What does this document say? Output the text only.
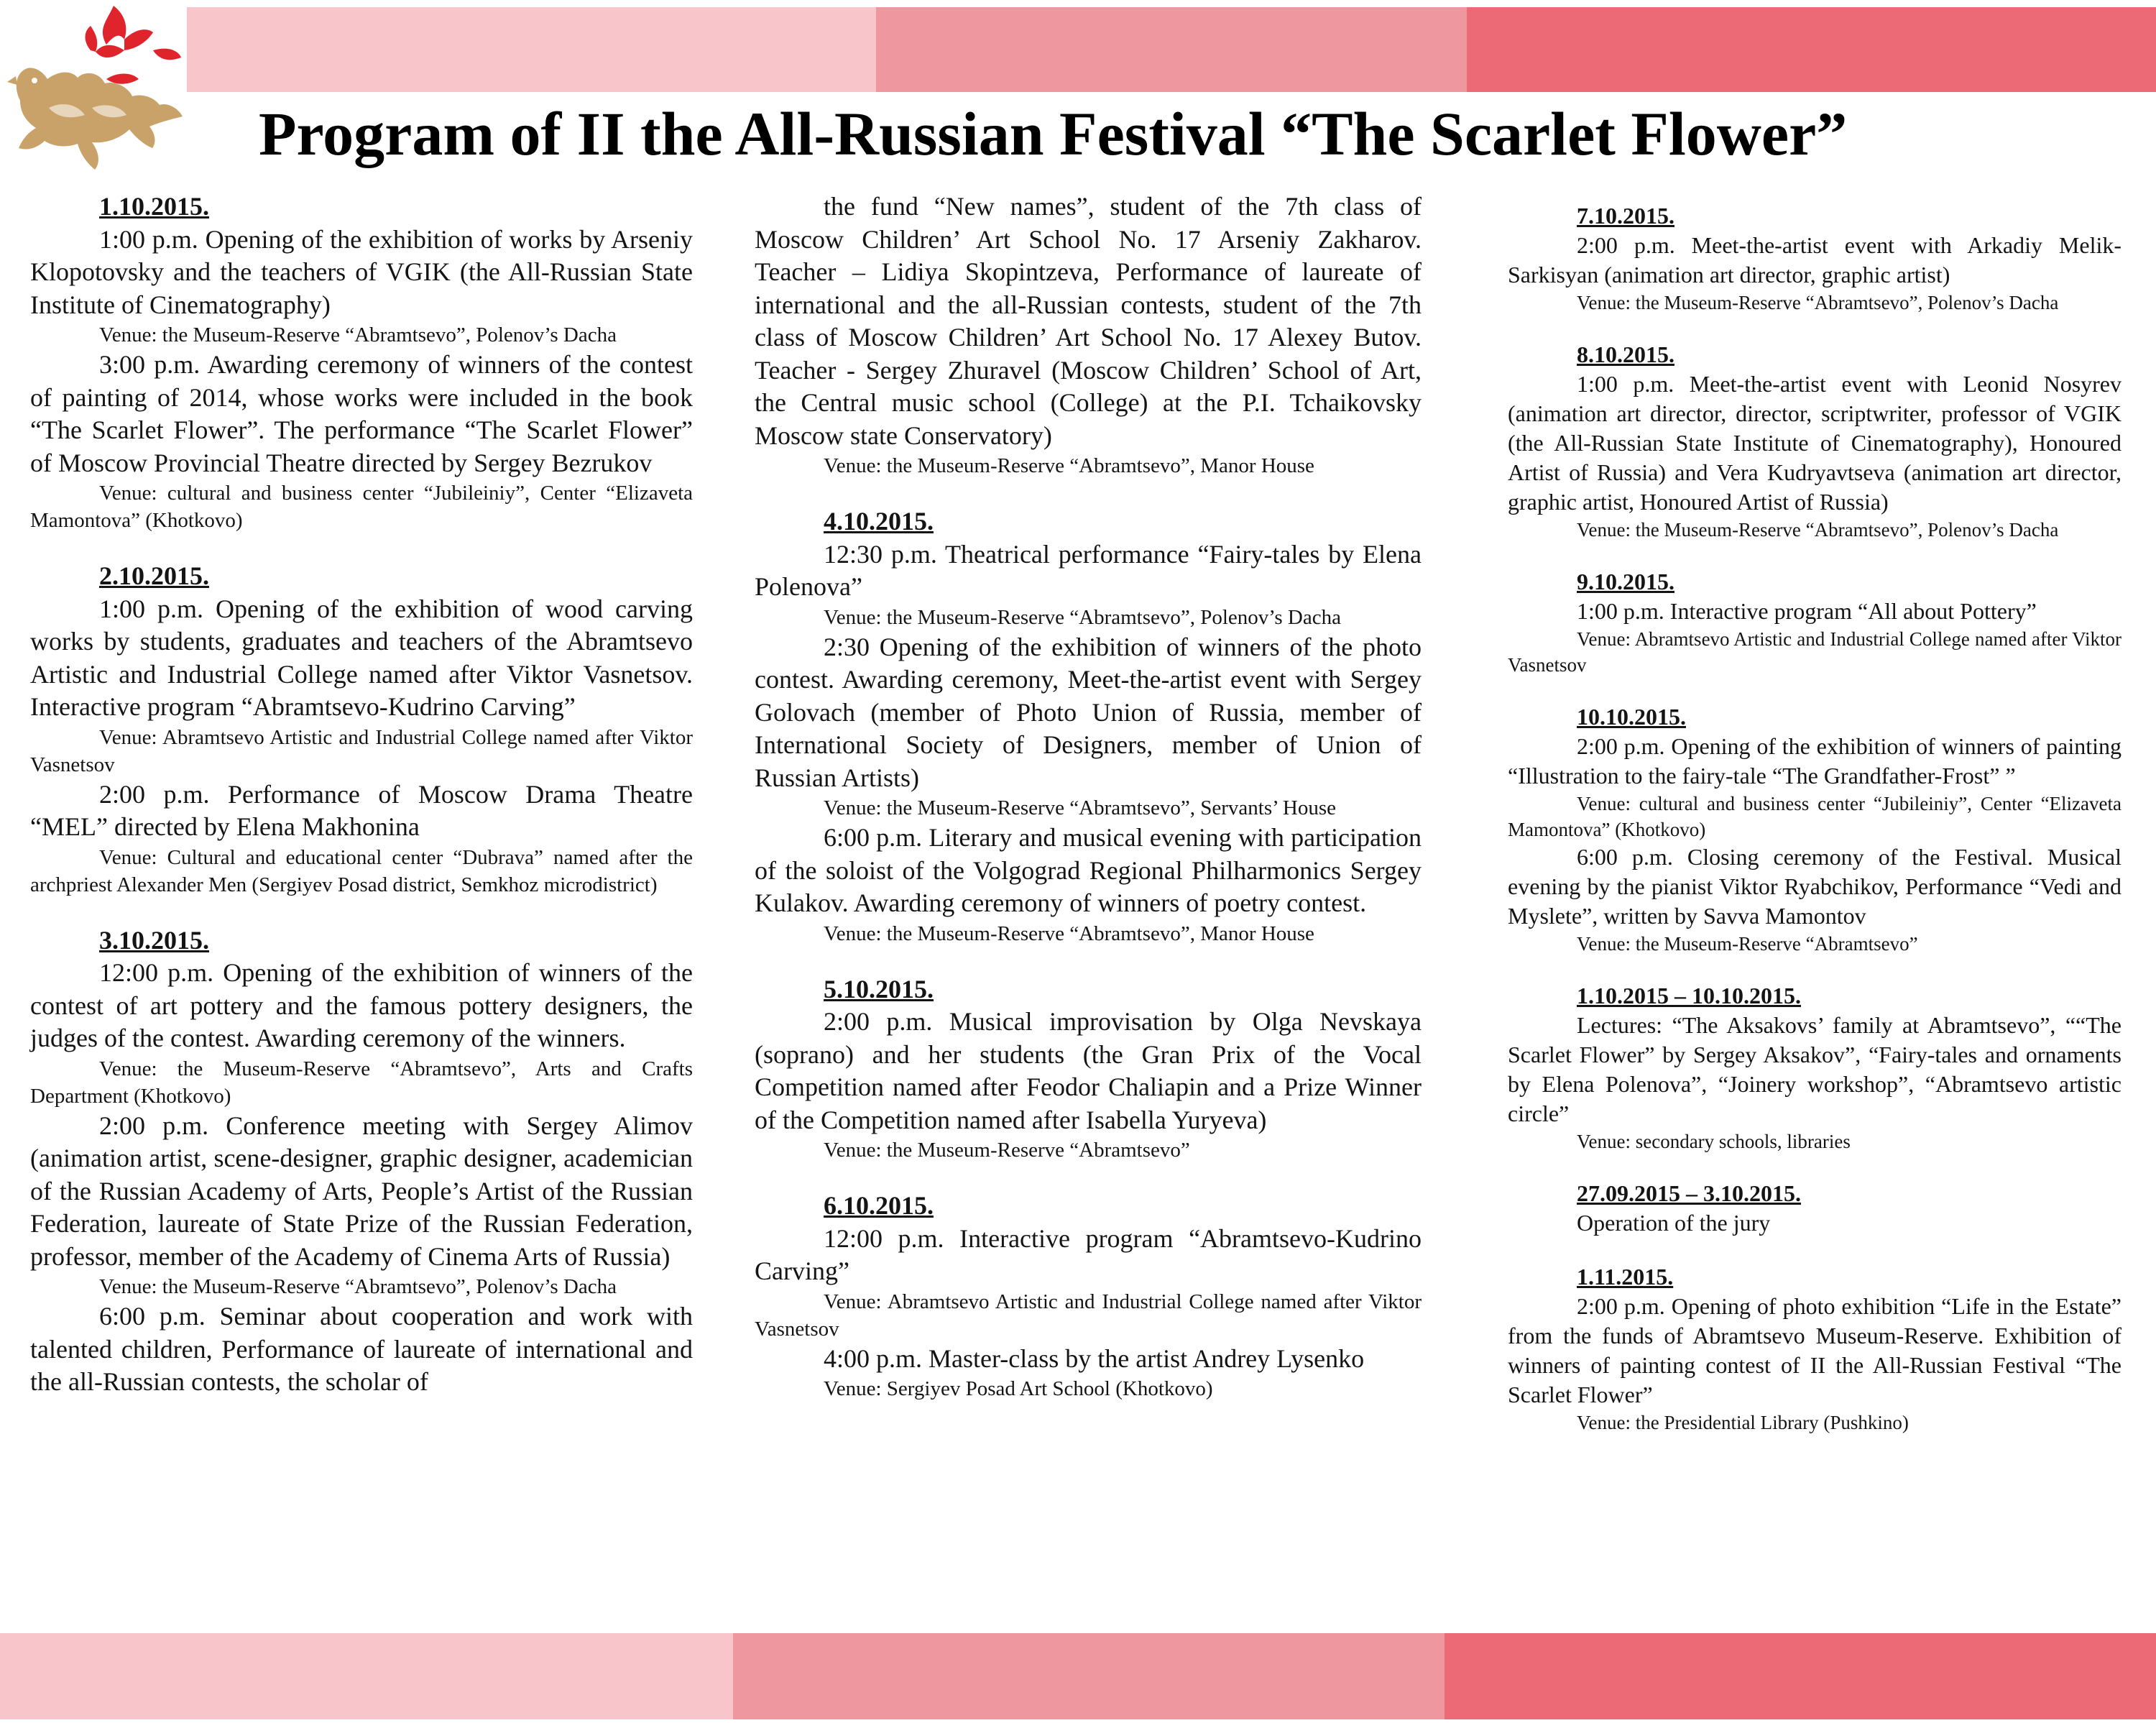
Program of II the All-Russian Festival “The Scarlet Flower”
1.10.2015.

1:00 p.m. Opening of the exhibition of works by Arseniy Klopotovsky and the teachers of VGIK (the All-Russian State Institute of Cinematography)

Venue: the Museum-Reserve “Abramtsevo”, Polenov’s Dacha

3:00 p.m. Awarding ceremony of winners of the contest of painting of 2014, whose works were included in the book “The Scarlet Flower”. The performance “The Scarlet Flower” of Moscow Provincial Theatre directed by Sergey Bezrukov

Venue: cultural and business center “Jubileiniy”, Center “Elizaveta Mamontova” (Khotkovo)

2.10.2015.

1:00 p.m. Opening of the exhibition of wood carving works by students, graduates and teachers of the Abramtsevo Artistic and Industrial College named after Viktor Vasnetsov. Interactive program “Abramtsevo-Kudrino Carving”

Venue: Abramtsevo Artistic and Industrial College named after Viktor Vasnetsov

2:00 p.m. Performance of Moscow Drama Theatre “MEL” directed by Elena Makhonina

Venue: Cultural and educational center “Dubrava” named after the archpriest Alexander Men (Sergiyev Posad district, Semkhoz microdistrict)

3.10.2015.

12:00 p.m. Opening of the exhibition of winners of the contest of art pottery and the famous pottery designers, the judges of the contest. Awarding ceremony of the winners.

Venue: the Museum-Reserve “Abramtsevo”, Arts and Crafts Department (Khotkovo)

2:00 p.m. Conference meeting with Sergey Alimov (animation artist, scene-designer, graphic designer, academician of the Russian Academy of Arts, People’s Artist of the Russian Federation, laureate of State Prize of the Russian Federation, professor, member of the Academy of Cinema Arts of Russia)

Venue: the Museum-Reserve “Abramtsevo”, Polenov’s Dacha

6:00 p.m. Seminar about cooperation and work with talented children, Performance of laureate of international and the all-Russian contests, the scholar of

the fund “New names”, student of the 7th class of Moscow Children’ Art School No. 17 Arseniy Zakharov. Teacher – Lidiya Skopintzeva, Performance of laureate of international and the all-Russian contests, student of the 7th class of Moscow Children’ Art School No. 17 Alexey Butov. Teacher - Sergey Zhuravel (Moscow Children’ School of Art, the Central music school (College) at the P.I. Tchaikovsky Moscow state Conservatory)

Venue: the Museum-Reserve “Abramtsevo”, Manor House

4.10.2015.

12:30 p.m. Theatrical performance “Fairy-tales by Elena Polenova”

Venue: the Museum-Reserve “Abramtsevo”, Polenov’s Dacha

2:30 Opening of the exhibition of winners of the photo contest. Awarding ceremony, Meet-the-artist event with Sergey Golovach (member of Photo Union of Russia, member of International Society of Designers, member of Union of Russian Artists)

Venue: the Museum-Reserve “Abramtsevo”, Servants’ House

6:00 p.m. Literary and musical evening with participation of the soloist of the Volgograd Regional Philharmonics Sergey Kulakov. Awarding ceremony of winners of poetry contest.

Venue: the Museum-Reserve “Abramtsevo”, Manor House

5.10.2015.

2:00 p.m. Musical improvisation by Olga Nevskaya (soprano) and her students (the Gran Prix of the Vocal Competition named after Feodor Chaliapin and a Prize Winner of the Competition named after Isabella Yuryeva)

Venue: the Museum-Reserve “Abramtsevo”

6.10.2015.

12:00 p.m. Interactive program “Abramtsevo-Kudrino Carving”

Venue: Abramtsevo Artistic and Industrial College named after Viktor Vasnetsov

4:00 p.m. Master-class by the artist Andrey Lysenko

Venue: Sergiyev Posad Art School (Khotkovo)

7.10.2015.

2:00 p.m. Meet-the-artist event with Arkadiy Melik-Sarkisyan (animation art director, graphic artist)

Venue: the Museum-Reserve “Abramtsevo”, Polenov’s Dacha

8.10.2015.

1:00 p.m. Meet-the-artist event with Leonid Nosyrev (animation art director, director, scriptwriter, professor of VGIK (the All-Russian State Institute of Cinematography), Honoured Artist of Russia) and Vera Kudryavtseva (animation art director, graphic artist, Honoured Artist of Russia)

Venue: the Museum-Reserve “Abramtsevo”, Polenov’s Dacha

9.10.2015.
1:00 p.m. Interactive program “All about Pottery”

Venue: Abramtsevo Artistic and Industrial College named after Viktor Vasnetsov

10.10.2015.

2:00 p.m. Opening of the exhibition of winners of painting “Illustration to the fairy-tale “The Grandfather-Frost” ”

Venue: cultural and business center “Jubileiniy”, Center “Elizaveta Mamontova” (Khotkovo)

6:00 p.m. Closing ceremony of the Festival. Musical evening by the pianist Viktor Ryabchikov, Performance “Vedi and Myslete”, written by Savva Mamontov

Venue: the Museum-Reserve “Abramtsevo”

1.10.2015 – 10.10.2015.

Lectures: “The Aksakovs’ family at Abramtsevo”, ““The Scarlet Flower” by Sergey Aksakov”, “Fairy-tales and ornaments by Elena Polenova”, “Joinery workshop”, “Abramtsevo artistic circle”

Venue: secondary schools, libraries

27.09.2015 – 3.10.2015.

Operation of the jury

1.11.2015.

2:00 p.m. Opening of photo exhibition “Life in the Estate” from the funds of Abramtsevo Museum-Reserve. Exhibition of winners of painting contest of II the All-Russian Festival “The Scarlet Flower”

Venue: the Presidential Library (Pushkino)
